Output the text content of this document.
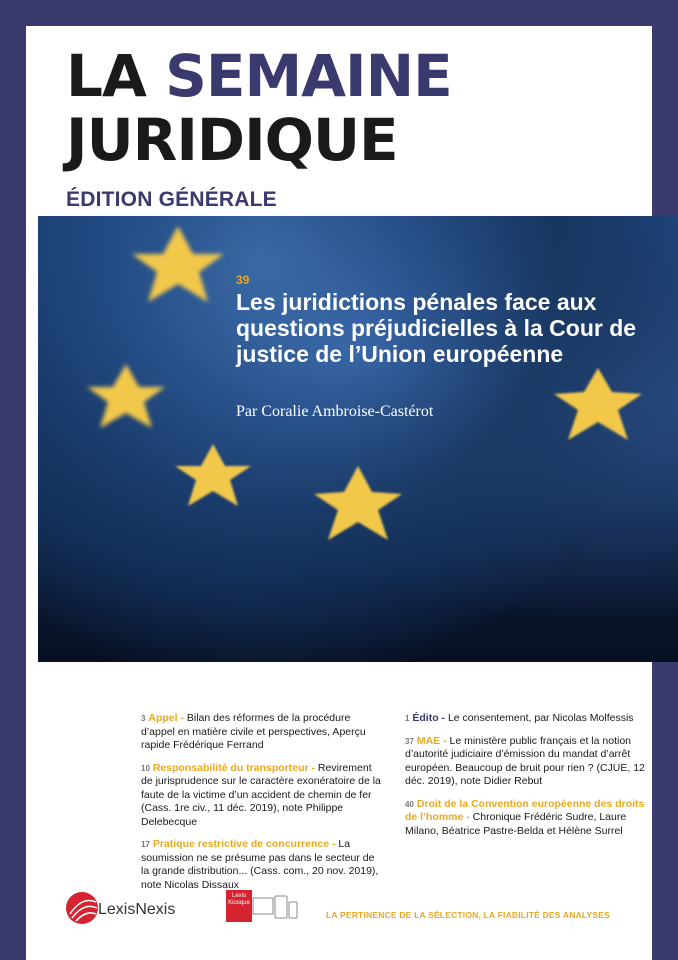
LA SEMAINE
JURIDIQUE
ÉDITION GÉNÉRALE
3 Appel - Bilan des réformes de la procédure d’appel en matière civile et perspectives, Aperçu rapide Frédérique Ferrand
10 Responsabilité du transporteur - Revirement de jurisprudence sur le caractère exonératoire de la faute de la victime d’un accident de chemin de fer (Cass. 1re civ., 11 déc. 2019), note Philippe Delebecque
17 Pratique restrictive de concurrence - La soumission ne se présume pas dans le secteur de la grande distribution... (Cass. com., 20 nov. 2019), note Nicolas Dissaux
1 Édito - Le consentement, par Nicolas Molfessis
37 MAE - Le ministère public français et la notion d’autorité judiciaire d’émission du mandat d’arrêt européen. Beaucoup de bruit pour rien ? (CJUE, 12 déc. 2019), note Didier Rebut
40 Droit de la Convention européenne des droits de l’homme - Chronique Frédéric Sudre, Laure Milano, Béatrice Pastre-Belda et Hélène Surrel
39
Les juridictions pénales face aux questions préjudicielles à la Cour de justice de l’Union européenne
Par Coralie Ambroise-Castérot
LexisNexis
Lexis Kiosque
LA PERTINENCE DE LA SÉLECTION, LA FIABILITÉ DES ANALYSES
